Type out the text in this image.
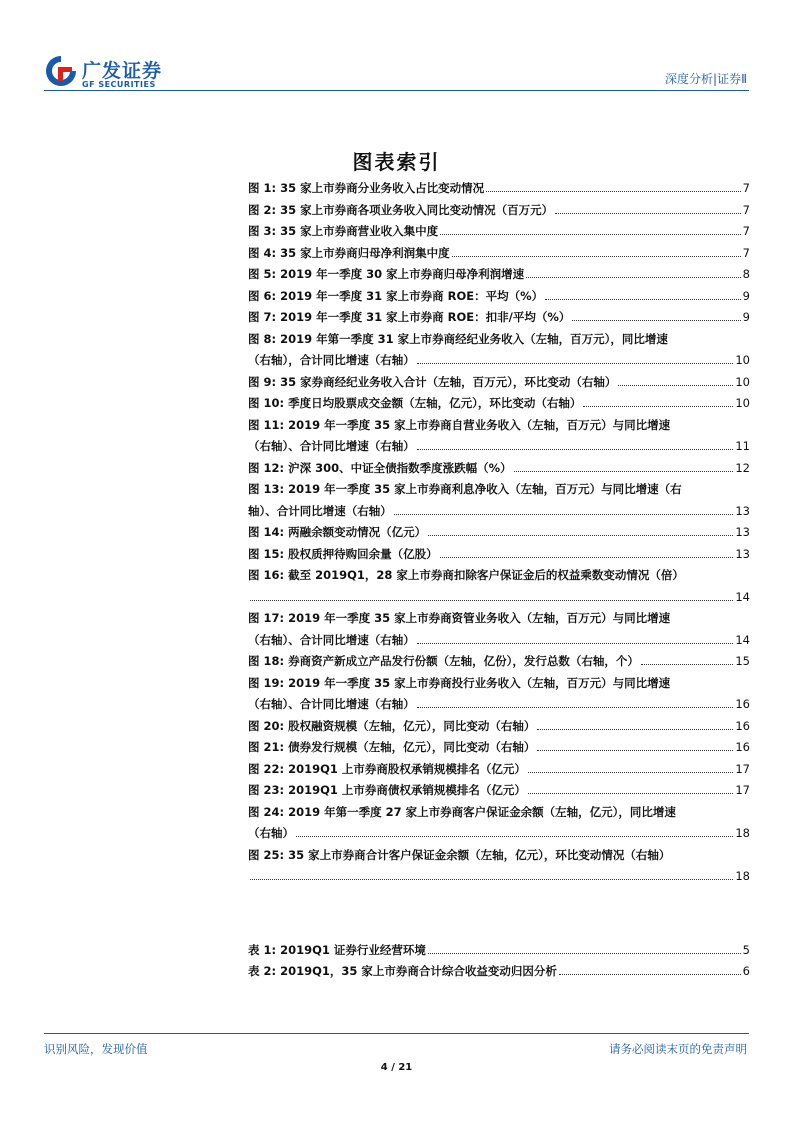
广发证券
GF SECURITIES	深度分析|证券Ⅱ
图表索引
图 1:
35 家上市券商分业务收入占比变动情况	7
图 2:
35 家上市券商各项业务收入同比变动情况（百万元）	7
图 3:
35 家上市券商营业收入集中度	7
图 4:
35 家上市券商归母净利润集中度	7
图 5:
2019 年一季度 30 家上市券商归母净利润增速	8
图 6:
2019 年一季度 31 家上市券商 ROE：平均（%）	9
图 7:
2019 年一季度 31 家上市券商 ROE：扣非/平均（%）	9
图 8:
2019 年第一季度 31 家上市券商经纪业务收入（左轴，百万元），同比增速
（右轴），合计同比增速（右轴）	10
图 9:
35 家券商经纪业务收入合计（左轴，百万元），环比变动（右轴）	10
图 10:
季度日均股票成交金额（左轴，亿元），环比变动（右轴）	10
图 11:
2019 年一季度 35 家上市券商自营业务收入（左轴，百万元）与同比增速
（右轴）、合计同比增速（右轴）	11
图 12:
沪深 300、中证全债指数季度涨跌幅（%）	12
图 13:
2019 年一季度 35 家上市券商利息净收入（左轴，百万元）与同比增速（右
轴）、合计同比增速（右轴）	13
图 14:
两融余额变动情况（亿元）	13
图 15:
股权质押待购回余量（亿股）	13
图 16:
截至 2019Q1，28 家上市券商扣除客户保证金后的权益乘数变动情况（倍）
14
图 17:
2019 年一季度 35 家上市券商资管业务收入（左轴，百万元）与同比增速
（右轴）、合计同比增速（右轴）	14
图 18:
券商资产新成立产品发行份额（左轴，亿份），发行总数（右轴，个）	15
图 19:
2019 年一季度 35 家上市券商投行业务收入（左轴，百万元）与同比增速
（右轴）、合计同比增速（右轴）	16
图 20:
股权融资规模（左轴，亿元），同比变动（右轴）	16
图 21:
债券发行规模（左轴，亿元），同比变动（右轴）	16
图 22:
2019Q1 上市券商股权承销规模排名（亿元）	17
图 23:
2019Q1 上市券商债权承销规模排名（亿元）	17
图 24:
2019 年第一季度 27 家上市券商客户保证金余额（左轴，亿元），同比增速
（右轴）	18
图 25:
35 家上市券商合计客户保证金余额（左轴，亿元），环比变动情况（右轴）
18
表 1:
2019Q1 证券行业经营环境	5
表 2:
2019Q1，35 家上市券商合计综合收益变动归因分析	6
识别风险，发现价值	请务必阅读末页的免责声明
4 / 21
